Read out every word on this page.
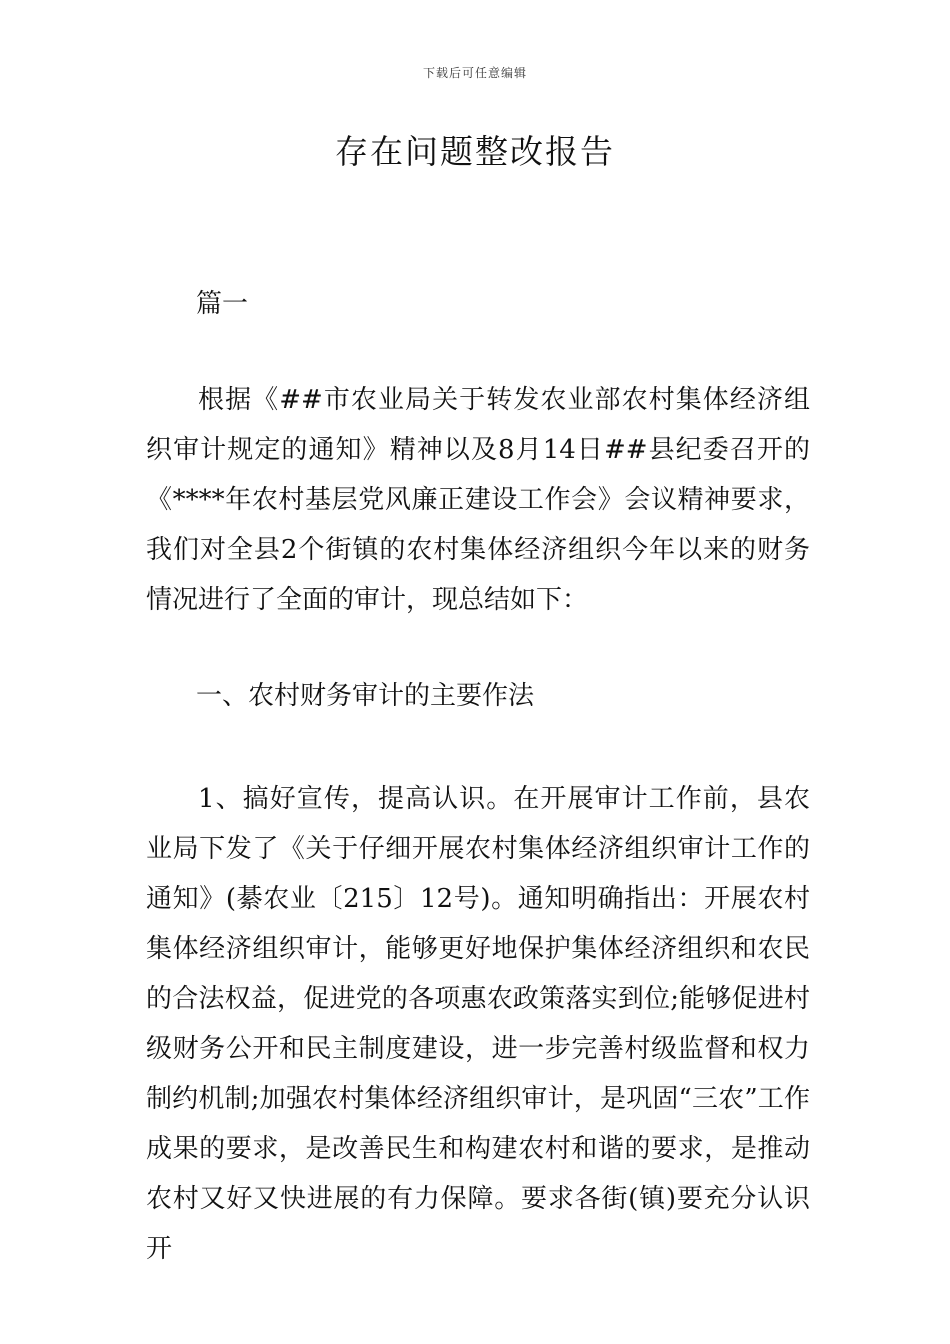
下载后可任意编辑
存在问题整改报告

篇一

根据《##市农业局关于转发农业部农村集体经济组织审计规定的通知》精神以及8月14日##县纪委召开的《****年农村基层党风廉正建设工作会》会议精神要求，我们对全县2个街镇的农村集体经济组织今年以来的财务情况进行了全面的审计，现总结如下：

一、农村财务审计的主要作法

1、搞好宣传，提高认识。在开展审计工作前，县农业局下发了《关于仔细开展农村集体经济组织审计工作的通知》(綦农业〔215〕12号)。通知明确指出：开展农村集体经济组织审计，能够更好地保护集体经济组织和农民的合法权益，促进党的各项惠农政策落实到位;能够促进村级财务公开和民主制度建设，进一步完善村级监督和权力制约机制;加强农村集体经济组织审计，是巩固“三农”工作成果的要求，是改善民生和构建农村和谐的要求，是推动农村又好又快进展的有力保障。要求各街(镇)要充分认识开
